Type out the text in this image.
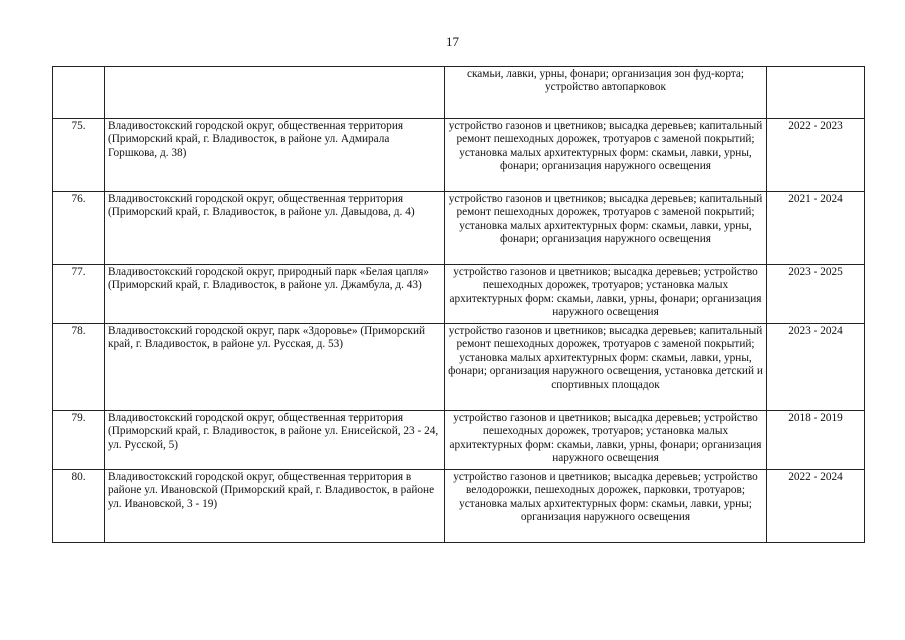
17
		скамьи, лавки, урны, фонари; организация зон фуд-корта; устройство автопарковок	
75.	Владивостокский городской округ, общественная территория (Приморский край, г. Владивосток, в районе ул. Адмирала Горшкова, д. 38)	устройство газонов и цветников; высадка деревьев; капитальный ремонт пешеходных дорожек, тротуаров с заменой покрытий; установка малых архитектурных форм: скамьи, лавки, урны, фонари; организация наружного освещения	2022 - 2023
76.	Владивостокский городской округ, общественная территория (Приморский край, г. Владивосток, в районе ул. Давыдова, д. 4)	устройство газонов и цветников; высадка деревьев; капитальный ремонт пешеходных дорожек, тротуаров с заменой покрытий; установка малых архитектурных форм: скамьи, лавки, урны, фонари; организация наружного освещения	2021 - 2024
77.	Владивостокский городской округ, природный парк «Белая цапля» (Приморский край, г. Владивосток, в районе ул. Джамбула, д. 43)	устройство газонов и цветников; высадка деревьев; устройство пешеходных дорожек, тротуаров; установка малых архитектурных форм: скамьи, лавки, урны, фонари; организация наружного освещения	2023 - 2025
78.	Владивостокский городской округ, парк «Здоровье» (Приморский край, г. Владивосток, в районе ул. Русская, д. 53)	устройство газонов и цветников; высадка деревьев; капитальный ремонт пешеходных дорожек, тротуаров с заменой покрытий; установка малых архитектурных форм: скамьи, лавки, урны, фонари; организация наружного освещения, установка детский и спортивных площадок	2023 - 2024
79.	Владивостокский городской округ, общественная территория (Приморский край, г. Владивосток, в районе ул. Енисейской, 23 - 24, ул. Русской, 5)	устройство газонов и цветников; высадка деревьев; устройство пешеходных дорожек, тротуаров; установка малых архитектурных форм: скамьи, лавки, урны, фонари; организация наружного освещения	2018 - 2019
80.	Владивостокский городской округ, общественная территория в районе ул. Ивановской (Приморский край, г. Владивосток, в районе ул. Ивановской, 3 - 19)	устройство газонов и цветников; высадка деревьев; устройство велодорожки, пешеходных дорожек, парковки, тротуаров; установка малых архитектурных форм: скамьи, лавки, урны; организация наружного освещения	2022 - 2024
